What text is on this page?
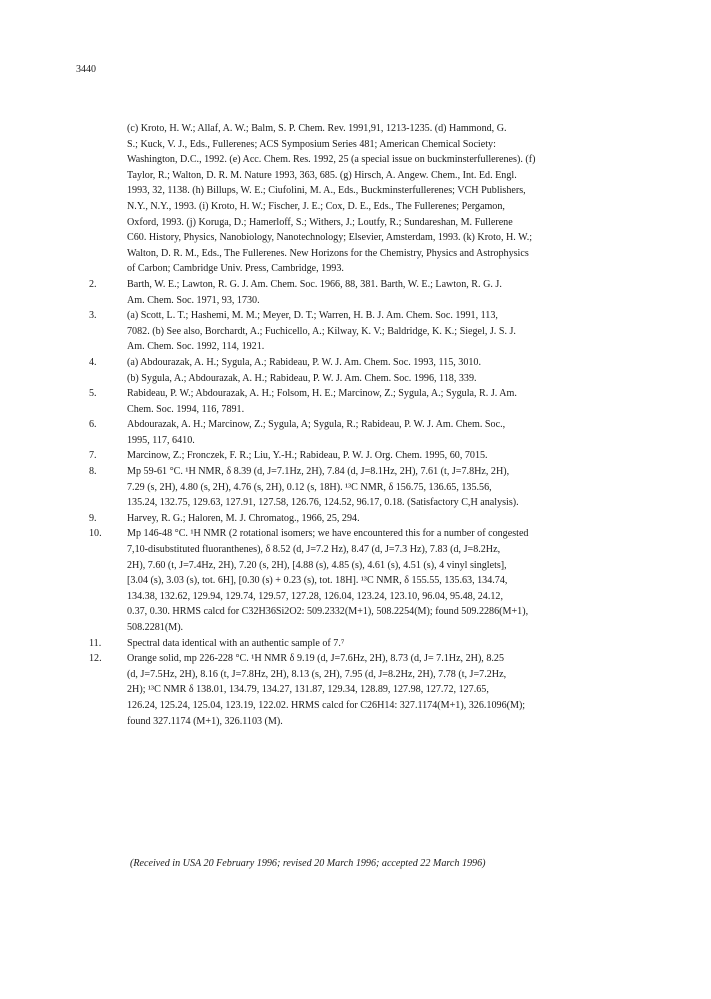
3440
(c) Kroto, H. W.; Allaf, A. W.; Balm, S. P. Chem. Rev. 1991,91, 1213-1235. (d) Hammond, G.
S.; Kuck, V. J., Eds., Fullerenes; ACS Symposium Series 481; American Chemical Society:
Washington, D.C., 1992. (e) Acc. Chem. Res. 1992, 25 (a special issue on buckminsterfullerenes). (f)
Taylor, R.; Walton, D. R. M. Nature 1993, 363, 685. (g) Hirsch, A. Angew. Chem., Int. Ed. Engl.
1993, 32, 1138. (h) Billups, W. E.; Ciufolini, M. A., Eds., Buckminsterfullerenes; VCH Publishers,
N.Y., N.Y., 1993. (i) Kroto, H. W.; Fischer, J. E.; Cox, D. E., Eds., The Fullerenes; Pergamon,
Oxford, 1993. (j) Koruga, D.; Hamerloff, S.; Withers, J.; Loutfy, R.; Sundareshan, M. Fullerene
C60. History, Physics, Nanobiology, Nanotechnology; Elsevier, Amsterdam, 1993. (k) Kroto, H. W.;
Walton, D. R. M., Eds., The Fullerenes. New Horizons for the Chemistry, Physics and Astrophysics
of Carbon; Cambridge Univ. Press, Cambridge, 1993.
2.	Barth, W. E.; Lawton, R. G. J. Am. Chem. Soc. 1966, 88, 381. Barth, W. E.; Lawton, R. G. J.
Am. Chem. Soc. 1971, 93, 1730.
3.	(a) Scott, L. T.; Hashemi, M. M.; Meyer, D. T.; Warren, H. B. J. Am. Chem. Soc. 1991, 113,
7082. (b) See also, Borchardt, A.; Fuchicello, A.; Kilway, K. V.; Baldridge, K. K.; Siegel, J. S. J.
Am. Chem. Soc. 1992, 114, 1921.
4.	(a) Abdourazak, A. H.; Sygula, A.; Rabideau, P. W. J. Am. Chem. Soc. 1993, 115, 3010.
(b) Sygula, A.; Abdourazak, A. H.; Rabideau, P. W. J. Am. Chem. Soc. 1996, 118, 339.
5.	Rabideau, P. W.; Abdourazak, A. H.; Folsom, H. E.; Marcinow, Z.; Sygula, A.; Sygula, R. J. Am.
Chem. Soc. 1994, 116, 7891.
6.	Abdourazak, A. H.; Marcinow, Z.; Sygula, A; Sygula, R.; Rabideau, P. W. J. Am. Chem. Soc.,
1995, 117, 6410.
7.	Marcinow, Z.; Fronczek, F. R.; Liu, Y.-H.; Rabideau, P. W. J. Org. Chem. 1995, 60, 7015.
8.	Mp 59-61 °C. ¹H NMR, δ 8.39 (d, J=7.1Hz, 2H), 7.84 (d, J=8.1Hz, 2H), 7.61 (t, J=7.8Hz, 2H),
7.29 (s, 2H), 4.80 (s, 2H), 4.76 (s, 2H), 0.12 (s, 18H). ¹³C NMR, δ 156.75, 136.65, 135.56,
135.24, 132.75, 129.63, 127.91, 127.58, 126.76, 124.52, 96.17, 0.18. (Satisfactory C,H analysis).
9.	Harvey, R. G.; Haloren, M. J. Chromatog., 1966, 25, 294.
10.	Mp 146-48 °C. ¹H NMR (2 rotational isomers; we have encountered this for a number of congested
7,10-disubstituted fluoranthenes), δ 8.52 (d, J=7.2 Hz), 8.47 (d, J=7.3 Hz), 7.83 (d, J=8.2Hz,
2H), 7.60 (t, J=7.4Hz, 2H), 7.20 (s, 2H), [4.88 (s), 4.85 (s), 4.61 (s), 4.51 (s), 4 vinyl singlets],
[3.04 (s), 3.03 (s), tot. 6H], [0.30 (s) + 0.23 (s), tot. 18H]. ¹³C NMR, δ 155.55, 135.63, 134.74,
134.38, 132.62, 129.94, 129.74, 129.57, 127.28, 126.04, 123.24, 123.10, 96.04, 95.48, 24.12,
0.37, 0.30. HRMS calcd for C32H36Si2O2: 509.2332(M+1), 508.2254(M); found 509.2286(M+1),
508.2281(M).
11.	Spectral data identical with an authentic sample of 7.⁷
12.	Orange solid, mp 226-228 °C. ¹H NMR δ 9.19 (d, J=7.6Hz, 2H), 8.73 (d, J= 7.1Hz, 2H), 8.25
(d, J=7.5Hz, 2H), 8.16 (t, J=7.8Hz, 2H), 8.13 (s, 2H), 7.95 (d, J=8.2Hz, 2H), 7.78 (t, J=7.2Hz,
2H); ¹³C NMR δ 138.01, 134.79, 134.27, 131.87, 129.34, 128.89, 127.98, 127.72, 127.65,
126.24, 125.24, 125.04, 123.19, 122.02. HRMS calcd for C26H14: 327.1174(M+1), 326.1096(M);
found 327.1174 (M+1), 326.1103 (M).
(Received in USA 20 February 1996; revised 20 March 1996; accepted 22 March 1996)
